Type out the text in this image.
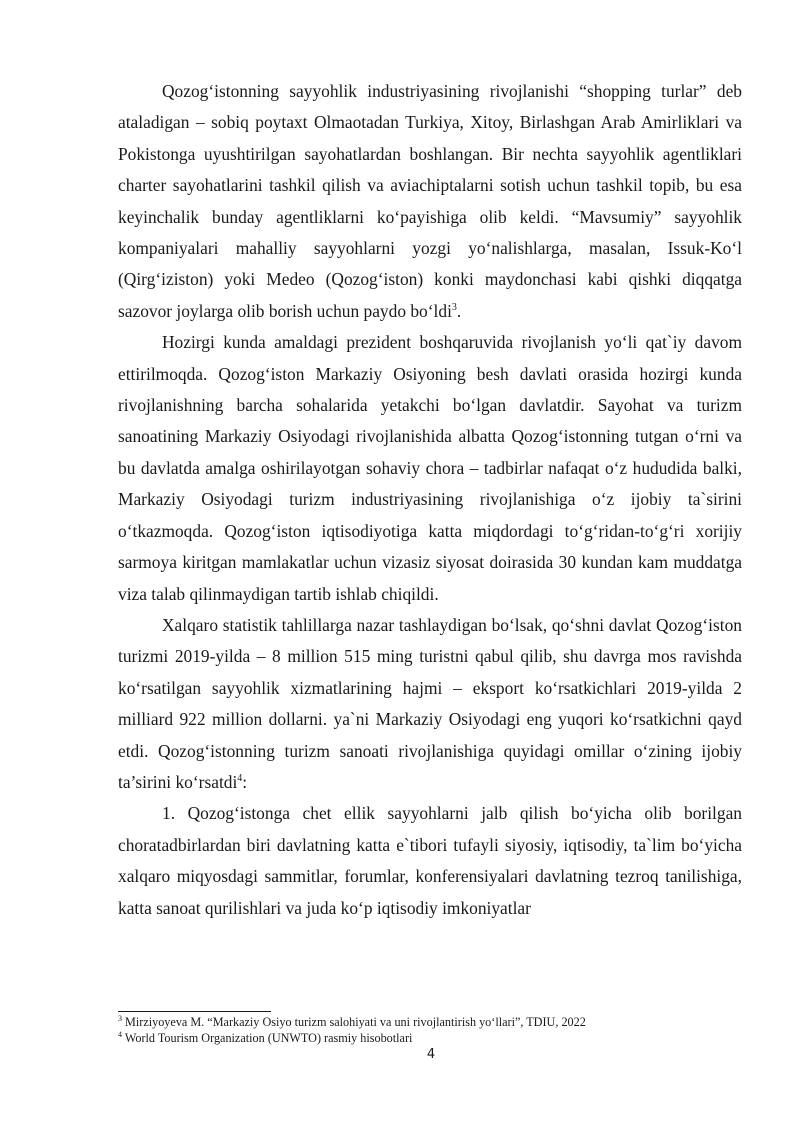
Qozog‘istonning sayyohlik industriyasining rivojlanishi “shopping turlar” deb ataladigan – sobiq poytaxt Olmaotadan Turkiya, Xitoy, Birlashgan Arab Amirliklari va Pokistonga uyushtirilgan sayohatlardan boshlangan. Bir nechta sayyohlik agentliklari charter sayohatlarini tashkil qilish va aviachiptalarni sotish uchun tashkil topib, bu esa keyinchalik bunday agentliklarni ko‘payishiga olib keldi. “Mavsumiy” sayyohlik kompaniyalari mahalliy sayyohlarni yozgi yo‘nalishlarga, masalan, Issuk-Ko‘l (Qirg‘iziston) yoki Medeo (Qozog‘iston) konki maydonchasi kabi qishki diqqatga sazovor joylarga olib borish uchun paydo bo‘ldi$^3$.

Hozirgi kunda amaldagi prezident boshqaruvida rivojlanish yo‘li qat`iy davom ettirilmoqda. Qozog‘iston Markaziy Osiyoning besh davlati orasida hozirgi kunda rivojlanishning barcha sohalarida yetakchi bo‘lgan davlatdir. Sayohat va turizm sanoatining Markaziy Osiyodagi rivojlanishida albatta Qozog‘istonning tutgan o‘rni va bu davlatda amalga oshirilayotgan sohaviy chora – tadbirlar nafaqat o‘z hududida balki, Markaziy Osiyodagi turizm industriyasining rivojlanishiga o‘z ijobiy ta`sirini o‘tkazmoqda. Qozog‘iston iqtisodiyotiga katta miqdordagi to‘g‘ridan-to‘g‘ri xorijiy sarmoya kiritgan mamlakatlar uchun vizasiz siyosat doirasida 30 kundan kam muddatga viza talab qilinmaydigan tartib ishlab chiqildi.

Xalqaro statistik tahlillarga nazar tashlaydigan bo‘lsak, qo‘shni davlat Qozog‘iston turizmi 2019-yilda – 8 million 515 ming turistni qabul qilib, shu davrga mos ravishda ko‘rsatilgan sayyohlik xizmatlarining hajmi – eksport ko‘rsatkichlari 2019-yilda 2 milliard 922 million dollarni. ya`ni Markaziy Osiyodagi eng yuqori ko‘rsatkichni qayd etdi. Qozog‘istonning turizm sanoati rivojlanishiga quyidagi omillar o‘zining ijobiy ta’sirini ko‘rsatdi$^4$:

1. Qozog‘istonga chet ellik sayyohlarni jalb qilish bo‘yicha olib borilgan choratadbirlardan biri davlatning katta e`tibori tufayli siyosiy, iqtisodiy, ta`lim bo‘yicha xalqaro miqyosdagi sammitlar, forumlar, konferensiyalari davlatning tezroq tanilishiga, katta sanoat qurilishlari va juda ko‘p iqtisodiy imkoniyatlar

$^3$ Mirziyoyeva M. “Markaziy Osiyo turizm salohiyati va uni rivojlantirish yo‘llari”, TDIU, 2022
$^4$ World Tourism Organization (UNWTO) rasmiy hisobotlari
4
